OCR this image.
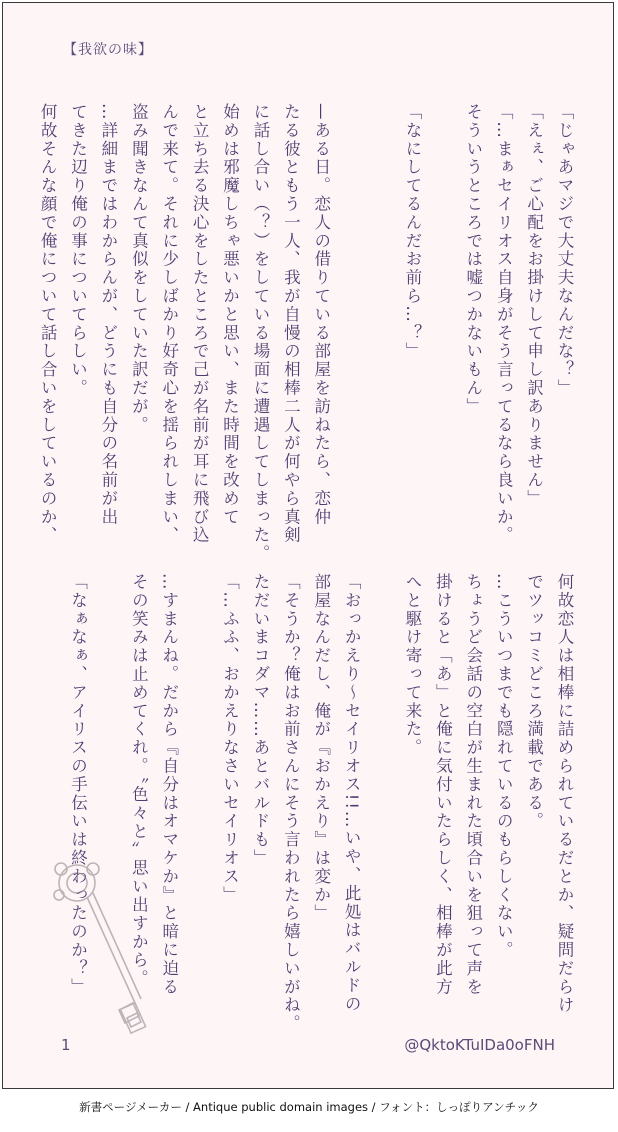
【我欲の味】

「じゃあマジで大丈夫なんだな？」

「えぇ、ご心配をお掛けして申し訳ありません」

「…まぁセイリオス自身がそう言ってるなら良いか。

そういうところでは嘘つかないもん」

「なにしてるんだお前ら…？」

—ある日。恋人の借りている部屋を訪ねたら、恋仲

たる彼ともう一人、我が自慢の相棒二人が何やら真剣

に話し合い（？）をしている場面に遭遇してしまった。

始めは邪魔しちゃ悪いかと思い、また時間を改めて

と立ち去る決心をしたところで己が名前が耳に飛び込

んで来て。それに少しばかり好奇心を揺られしまい、

盗み聞きなんて真似をしていた訳だが。

…詳細まではわからんが、どうにも自分の名前が出

てきた辺り俺の事についてらしい。

何故そんな顔で俺について話し合いをしているのか、

何故恋人は相棒に詰められているだとか、疑問だらけ

でツッコミどころ満載である。

…こういつまでも隠れているのもらしくない。

ちょうど会話の空白が生まれた頃合いを狙って声を

掛けると「あ」と俺に気付いたらしく、相棒が此方

へと駆け寄って来た。

「おっかえり〜セイリオス!!…いや、此処はバルドの

部屋なんだし、俺が『おかえり』は変か」

「そうか？俺はお前さんにそう言われたら嬉しいがね。

ただいまコダマ……あとバルドも」

「…ふふ、おかえりなさいセイリオス」

…すまんね。だから『自分はオマケか』と暗に迫る

その笑みは止めてくれ。〝色々と〟思い出すから。

「なぁなぁ、アイリスの手伝いは終わったのか？」

1	@QktoKTuIDa0oFNH
新書ページメーカー / Antique public domain images / フォント：しっぽりアンチック
